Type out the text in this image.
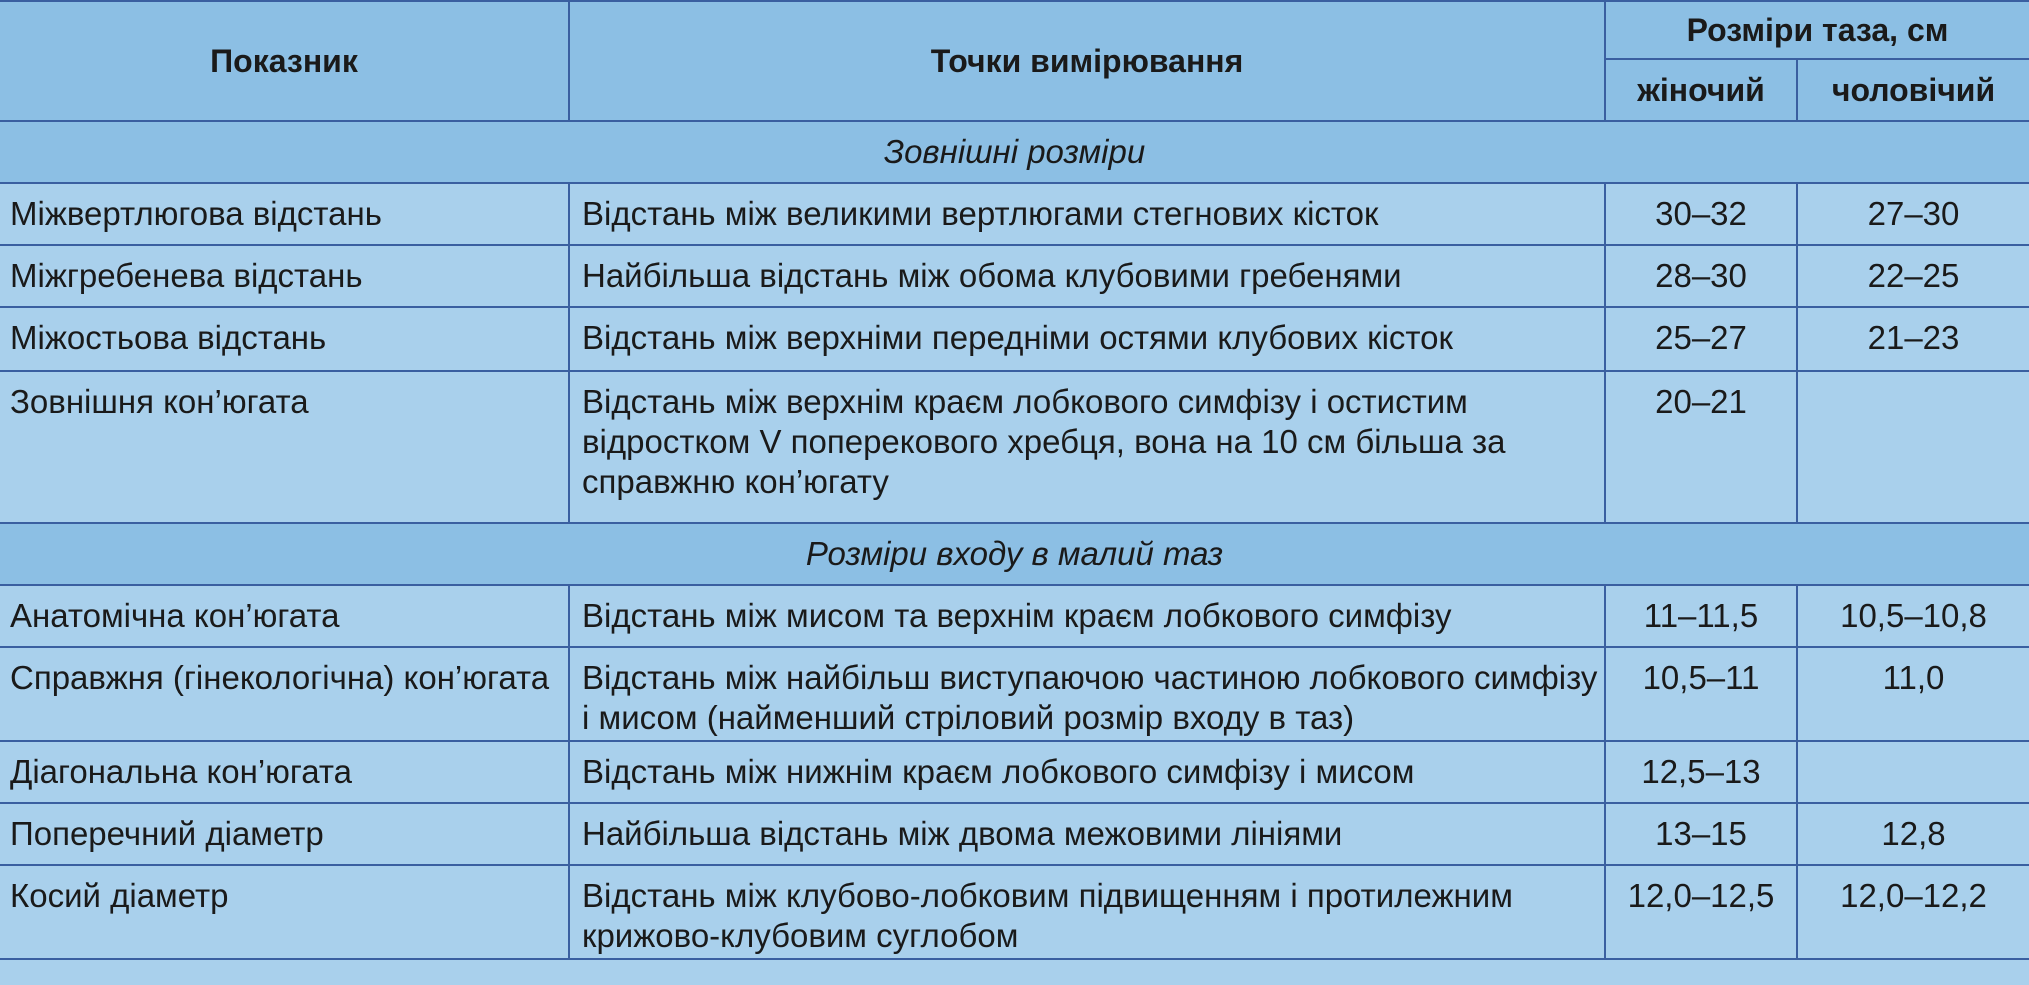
Показник	Точки вимірювання	Розміри таза, см	
		жіночий	чоловічий
Зовнішні розміри			
Міжвертлюгова відстань	Відстань між великими вертлюгами стегнових кісток	30–32	27–30
Міжгребенева відстань	Найбільша відстань між обома клубовими гребенями	28–30	22–25
Міжостьова відстань	Відстань між верхніми передніми остями клубових кісток	25–27	21–23
Зовнішня кон’югата	Відстань між верхнім краєм лобкового симфізу і остистим відростком V поперекового хребця, вона на 10 см більша за справжню кон’югату	20–21	
Розміри входу в малий таз			
Анатомічна кон’югата	Відстань між мисом та верхнім краєм лобкового симфізу	11–11,5	10,5–10,8
Справжня (гінекологічна) кон’югата	Відстань між найбільш виступаючою частиною лобкового симфізу і мисом (найменший стріловий розмір входу в таз)	10,5–11	11,0
Діагональна кон’югата	Відстань між нижнім краєм лобкового симфізу і мисом	12,5–13	
Поперечний діаметр	Найбільша відстань між двома межовими лініями	13–15	12,8
Косий діаметр	Відстань між клубово-лобковим підвищенням і протилежним крижово-клубовим суглобом	12,0–12,5	12,0–12,2
